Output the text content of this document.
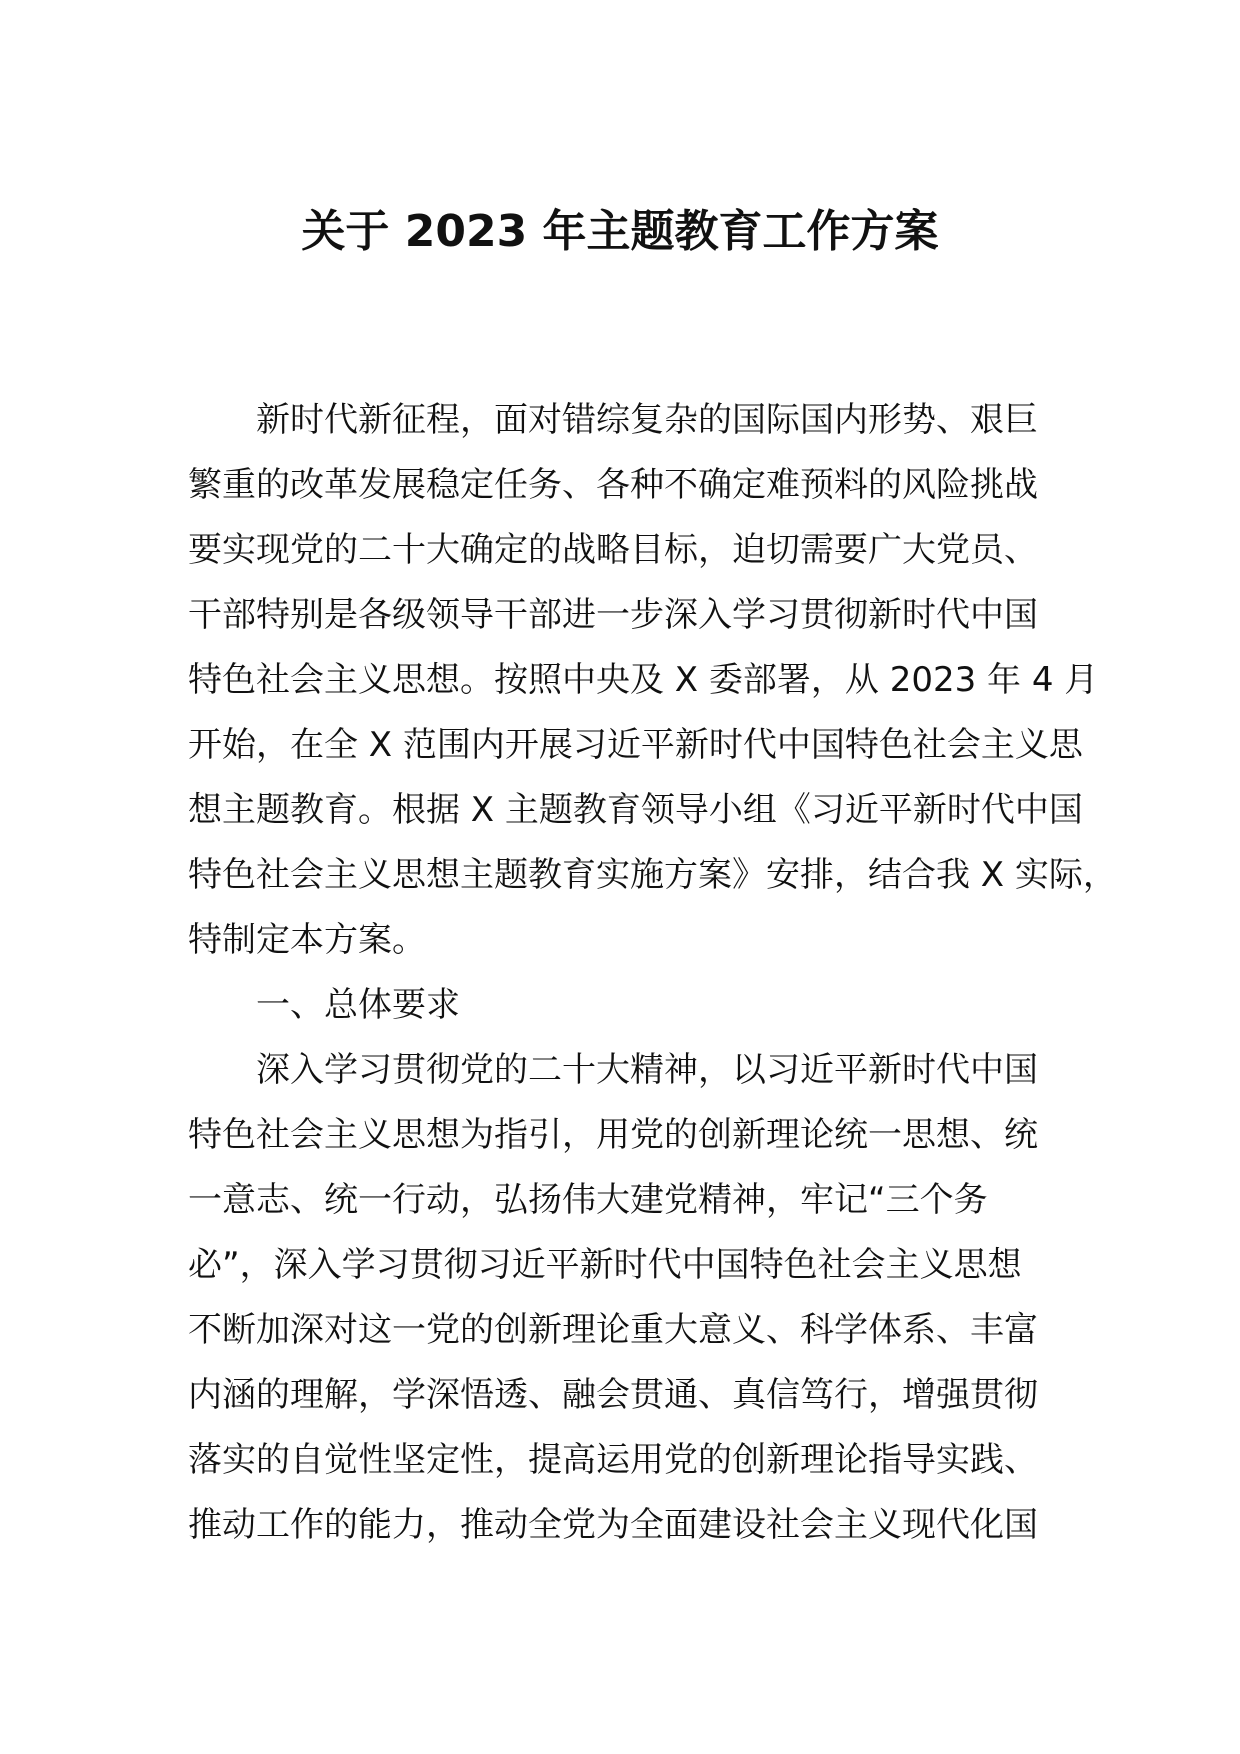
关于 2023 年主题教育工作方案
新时代新征程，面对错综复杂的国际国内形势、艰巨
繁重的改革发展稳定任务、各种不确定难预料的风险挑战
要实现党的二十大确定的战略目标，迫切需要广大党员、
干部特别是各级领导干部进一步深入学习贯彻新时代中国
特色社会主义思想。按照中央及 X 委部署，从 2023 年 4 月
开始，在全 X 范围内开展习近平新时代中国特色社会主义思
想主题教育。根据 X 主题教育领导小组《习近平新时代中国
特色社会主义思想主题教育实施方案》安排，结合我 X 实际，
特制定本方案。
一、总体要求
深入学习贯彻党的二十大精神，以习近平新时代中国
特色社会主义思想为指引，用党的创新理论统一思想、统
一意志、统一行动，弘扬伟大建党精神，牢记“三个务
必”，深入学习贯彻习近平新时代中国特色社会主义思想
不断加深对这一党的创新理论重大意义、科学体系、丰富
内涵的理解，学深悟透、融会贯通、真信笃行，增强贯彻
落实的自觉性坚定性，提高运用党的创新理论指导实践、
推动工作的能力，推动全党为全面建设社会主义现代化国
